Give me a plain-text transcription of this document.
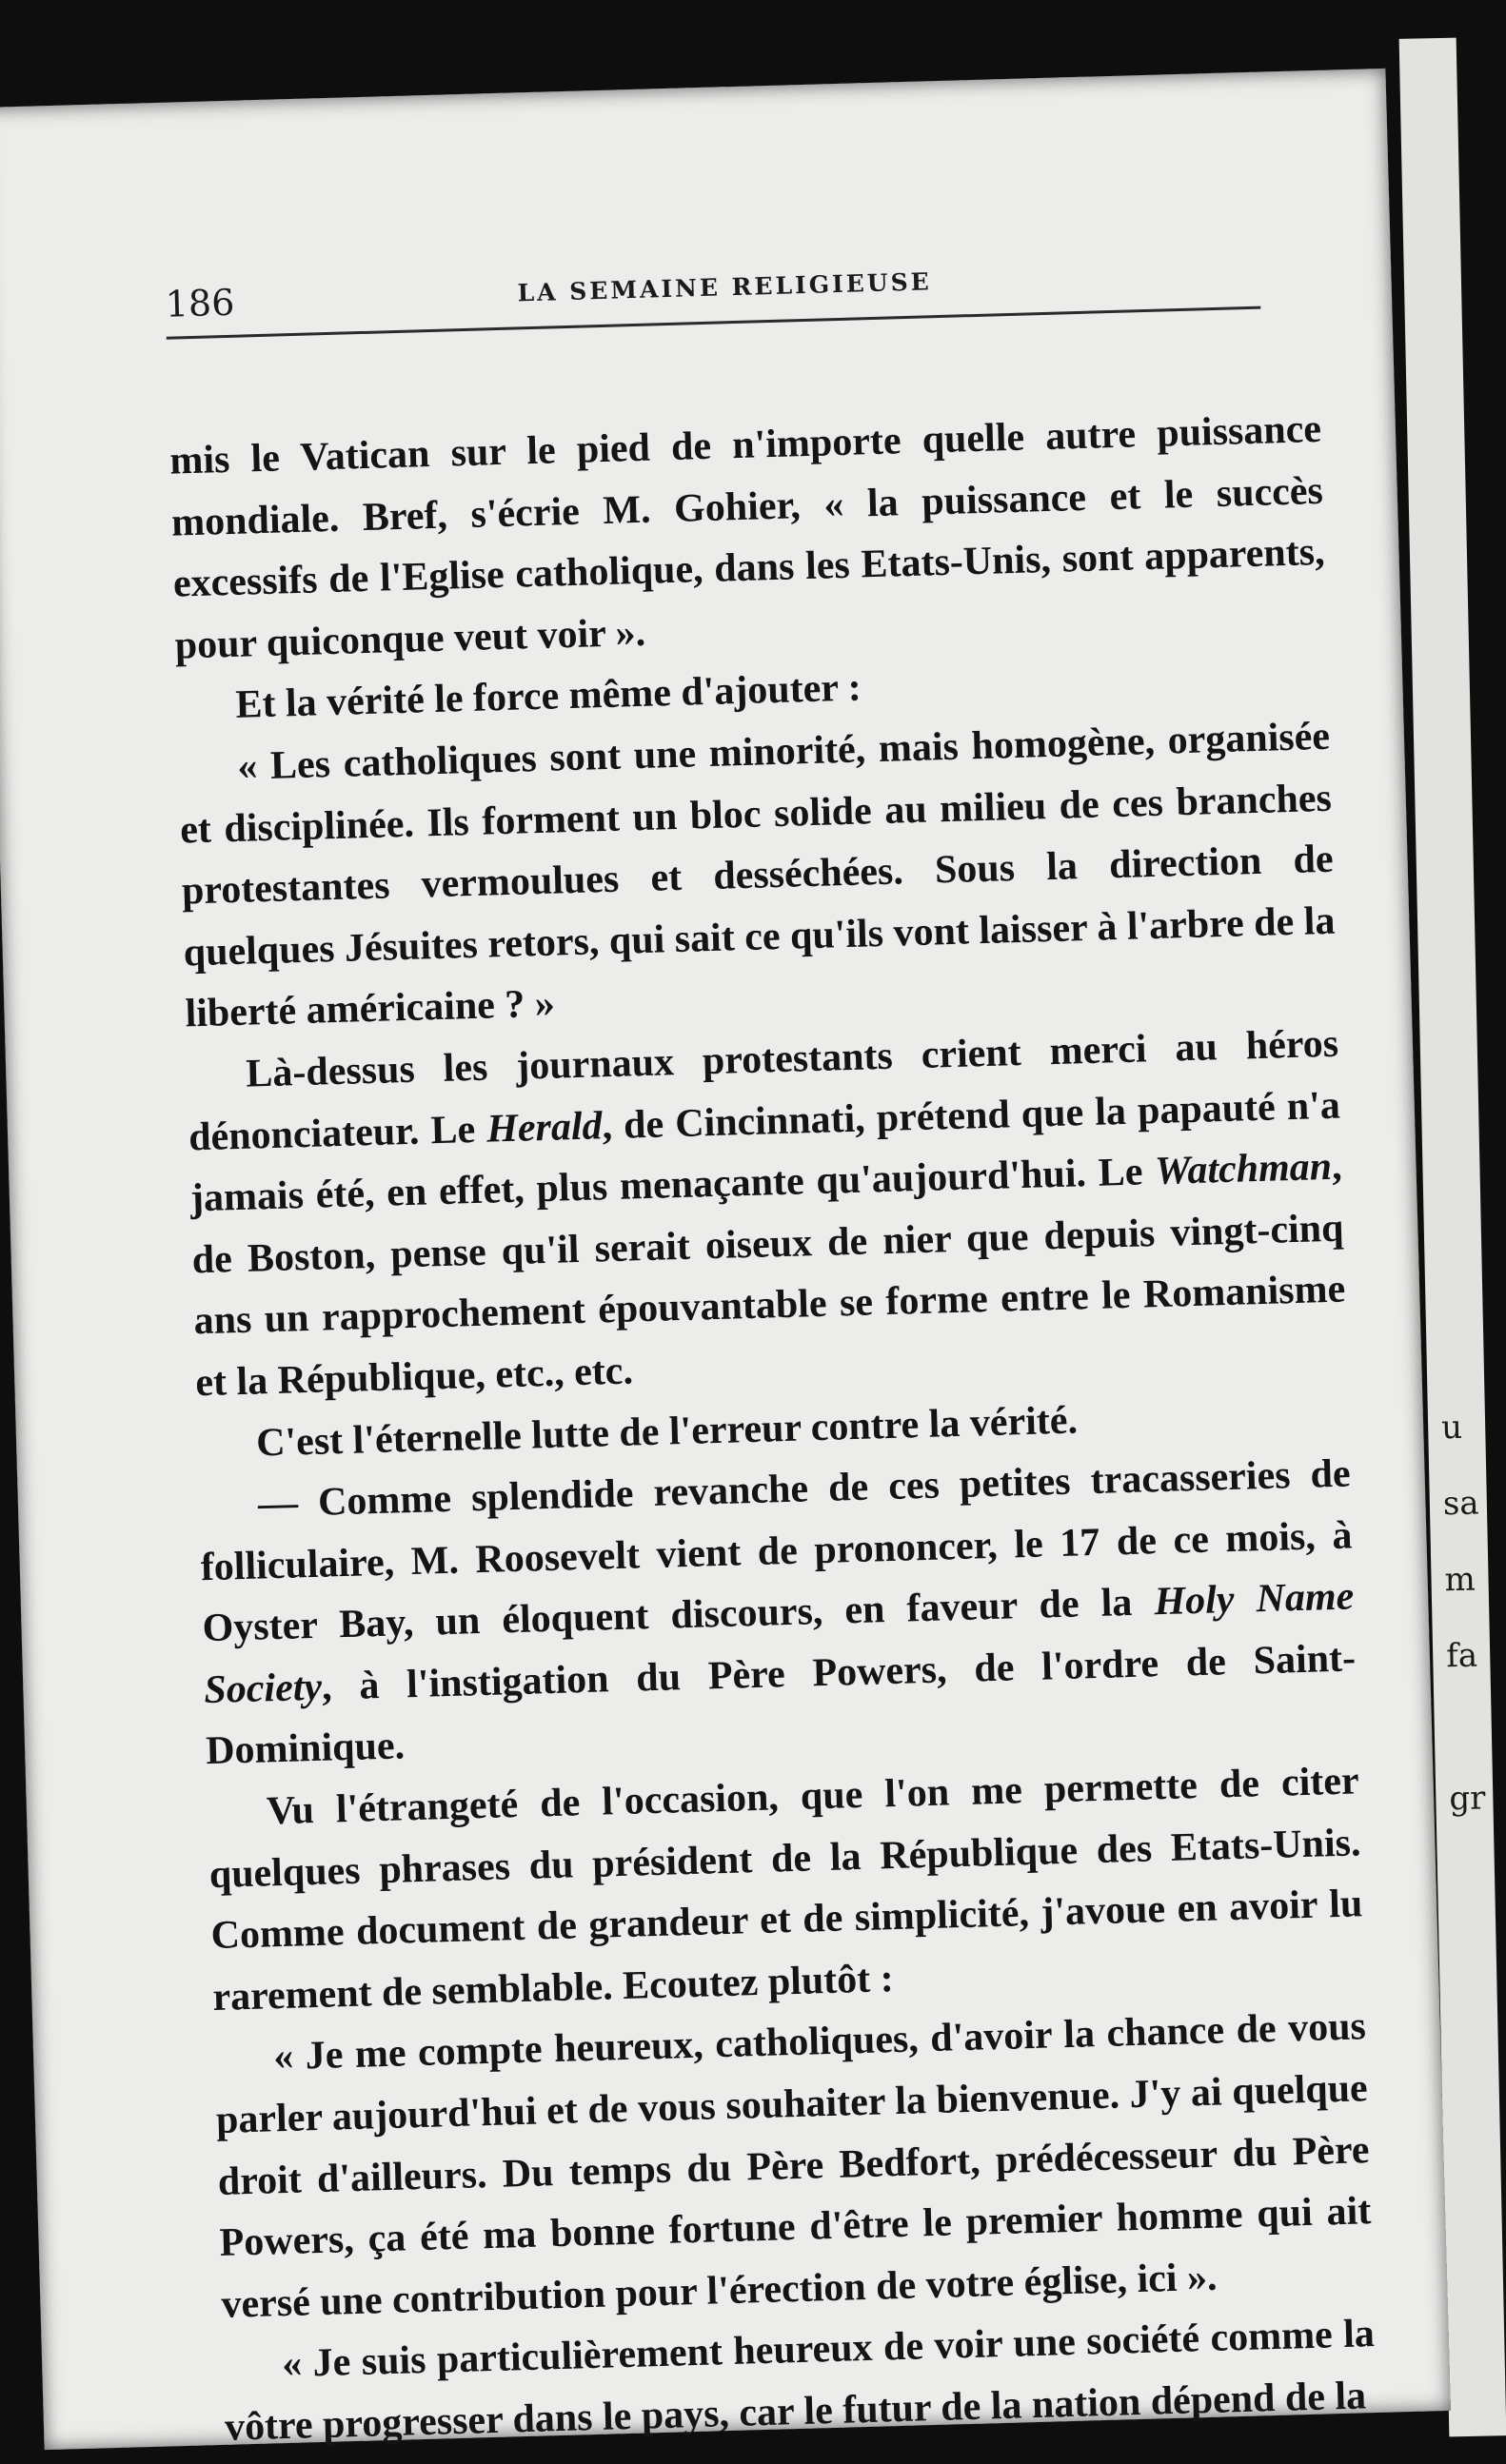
u
sa
m
fa
gr
186	LA SEMAINE RELIGIEUSE

mis le Vatican sur le pied de n'importe quelle autre puissance mondiale. Bref, s'écrie M. Gohier, « la puissance et le succès excessifs de l'Eglise catholique, dans les Etats-Unis, sont apparents, pour quiconque veut voir ».

Et la vérité le force même d'ajouter :

« Les catholiques sont une minorité, mais homogène, organisée et disciplinée. Ils forment un bloc solide au milieu de ces branches protestantes vermoulues et desséchées. Sous la direction de quelques Jésuites retors, qui sait ce qu'ils vont laisser à l'arbre de la liberté américaine ? »

Là-dessus les journaux protestants crient merci au héros dénonciateur. Le Herald, de Cincinnati, prétend que la papauté n'a jamais été, en effet, plus menaçante qu'aujourd'hui. Le Watchman, de Boston, pense qu'il serait oiseux de nier que depuis vingt-cinq ans un rapprochement épouvantable se forme entre le Romanisme et la République, etc., etc.

C'est l'éternelle lutte de l'erreur contre la vérité.

— Comme splendide revanche de ces petites tracasseries de folliculaire, M. Roosevelt vient de prononcer, le 17 de ce mois, à Oyster Bay, un éloquent discours, en faveur de la Holy Name Society, à l'instigation du Père Powers, de l'ordre de Saint-Dominique.

Vu l'étrangeté de l'occasion, que l'on me permette de citer quelques phrases du président de la République des Etats-Unis. Comme document de grandeur et de simplicité, j'avoue en avoir lu rarement de semblable. Ecoutez plutôt :

« Je me compte heureux, catholiques, d'avoir la chance de vous parler aujourd'hui et de vous souhaiter la bienvenue. J'y ai quelque droit d'ailleurs. Du temps du Père Bedfort, prédécesseur du Père Powers, ça été ma bonne fortune d'être le premier homme qui ait versé une contribution pour l'érection de votre église, ici ».

« Je suis particulièrement heureux de voir une société comme la vôtre progresser dans le pays, car le futur de la nation dépend de la
